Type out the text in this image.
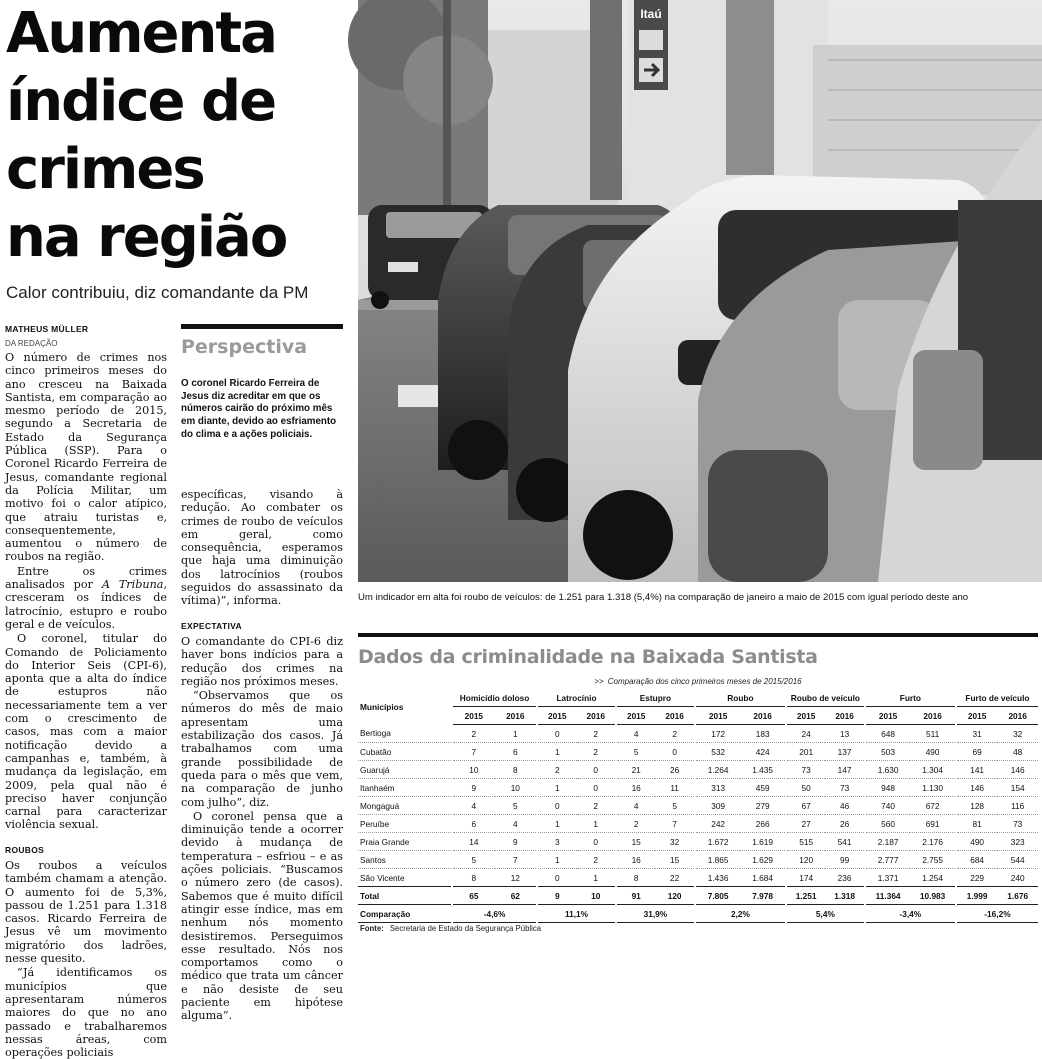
Aumenta
índice de
crimes
na região
Calor contribuiu, diz comandante da PM
MATHEUS MÜLLER
DA REDAÇÃO

O número de crimes nos cinco primeiros meses do ano cresceu na Baixada Santista, em comparação ao mesmo período de 2015, segundo a Secretaria de Estado da Segurança Pública (SSP). Para o Coronel Ricardo Ferreira de Jesus, comandante regional da Polícia Militar, um motivo foi o calor atípico, que atraiu turistas e, consequentemente, aumentou o número de roubos na região.

Entre os crimes analisados por A Tribuna, cresceram os índices de latrocínio, estupro e roubo geral e de veículos.

O coronel, titular do Comando de Policiamento do Interior Seis (CPI-6), aponta que a alta do índice de estupros não necessariamente tem a ver com o crescimento de casos, mas com a maior notificação devido a campanhas e, também, à mudança da legislação, em 2009, pela qual não é preciso haver conjunção carnal para caracterizar violência sexual.

ROUBOS

Os roubos a veículos também chamam a atenção. O aumento foi de 5,3%, passou de 1.251 para 1.318 casos. Ricardo Ferreira de Jesus vê um movimento migratório dos ladrões, nesse quesito.

“Já identificamos os municípios que apresentaram números maiores do que no ano passado e trabalharemos nessas áreas, com operações policiais

Perspectiva
O coronel Ricardo Ferreira de Jesus diz acreditar em que os números cairão do próximo mês em diante, devido ao esfriamento do clima e a ações policiais.

específicas, visando à redução. Ao combater os crimes de roubo de veículos em geral, como consequência, esperamos que haja uma diminuição dos latrocínios (roubos seguidos do assassinato da vítima)”, informa.

EXPECTATIVA

O comandante do CPI-6 diz haver bons indícios para a redução dos crimes na região nos próximos meses.

“Observamos que os números do mês de maio apresentam uma estabilização dos casos. Já trabalhamos com uma grande possibilidade de queda para o mês que vem, na comparação de junho com julho”, diz.

O coronel pensa que a diminuição tende a ocorrer devido à mudança de temperatura – esfriou – e as ações policiais. “Buscamos o número zero (de casos). Sabemos que é muito difícil atingir esse índice, mas em nenhum nós momento desistiremos. Perseguimos esse resultado. Nós nos comportamos como o médico que trata um câncer e não desiste de seu paciente em hipótese alguma”.

Itaú
Um indicador em alta foi roubo de veículos: de 1.251 para 1.318 (5,4%) na comparação de janeiro a maio de 2015 com igual período deste ano
Dados da criminalidade na Baixada Santista
>> Comparação dos cinco primeiros meses de 2015/2016
Municípios		Homicídio doloso			Latrocínio			Estupro			Roubo			Roubo de veículo			Furto			Furto de veículo	
		2015	2016		2015	2016		2015	2016		2015	2016		2015	2016		2015	2016		2015	2016
Bertioga		2	1		0	2		4	2		172	183		24	13		648	511		31	32
Cubatão		7	6		1	2		5	0		532	424		201	137		503	490		69	48
Guarujá		10	8		2	0		21	26		1.264	1.435		73	147		1.630	1.304		141	146
Itanhaém		9	10		1	0		16	11		313	459		50	73		948	1.130		146	154
Mongaguá		4	5		0	2		4	5		309	279		67	46		740	672		128	116
Peruíbe		6	4		1	1		2	7		242	266		27	26		560	691		81	73
Praia Grande		14	9		3	0		15	32		1.672	1.619		515	541		2.187	2.176		490	323
Santos		5	7		1	2		16	15		1.865	1.629		120	99		2.777	2.755		684	544
São Vicente		8	12		0	1		8	22		1.436	1.684		174	236		1.371	1.254		229	240
Total		65	62		9	10		91	120		7.805	7.978		1.251	1.318		11.364	10.983		1.999	1.676
Comparação		-4,6%			11,1%			31,9%			2,2%			5,4%			-3,4%			-16,2%	
Fonte: Secretaria de Estado da Segurança Pública
